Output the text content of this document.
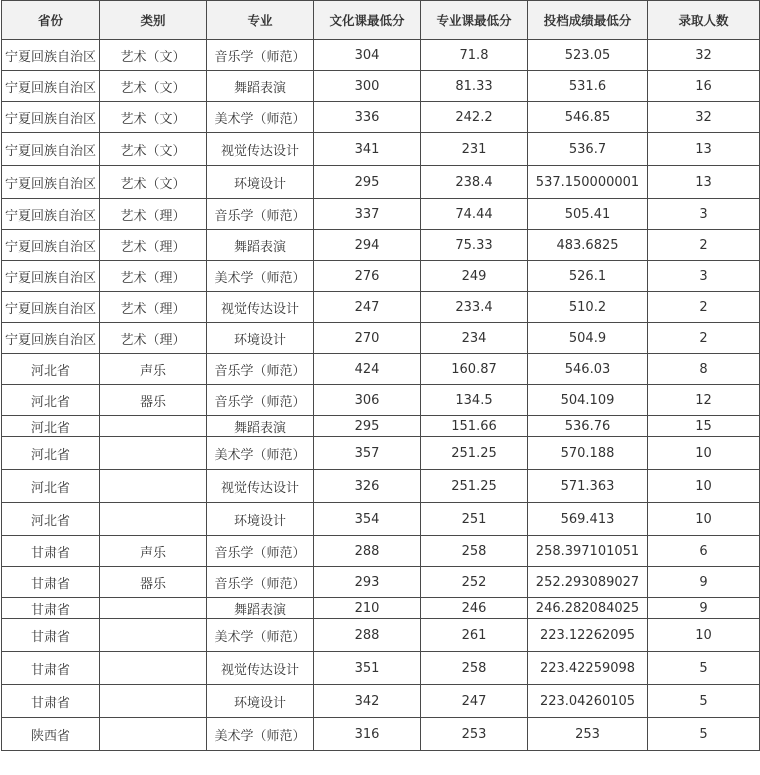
省份	类别	专业	文化课最低分	专业课最低分	投档成绩最低分	录取人数
宁夏回族自治区	艺术（文）	音乐学（师范）	304	71.8	523.05	32
宁夏回族自治区	艺术（文）	舞蹈表演	300	81.33	531.6	16
宁夏回族自治区	艺术（文）	美术学（师范）	336	242.2	546.85	32
宁夏回族自治区	艺术（文）	视觉传达设计	341	231	536.7	13
宁夏回族自治区	艺术（文）	环境设计	295	238.4	537.150000001	13
宁夏回族自治区	艺术（理）	音乐学（师范）	337	74.44	505.41	3
宁夏回族自治区	艺术（理）	舞蹈表演	294	75.33	483.6825	2
宁夏回族自治区	艺术（理）	美术学（师范）	276	249	526.1	3
宁夏回族自治区	艺术（理）	视觉传达设计	247	233.4	510.2	2
宁夏回族自治区	艺术（理）	环境设计	270	234	504.9	2
河北省	声乐	音乐学（师范）	424	160.87	546.03	8
河北省	器乐	音乐学（师范）	306	134.5	504.109	12
河北省		舞蹈表演	295	151.66	536.76	15
河北省		美术学（师范）	357	251.25	570.188	10
河北省		视觉传达设计	326	251.25	571.363	10
河北省		环境设计	354	251	569.413	10
甘肃省	声乐	音乐学（师范）	288	258	258.397101051	6
甘肃省	器乐	音乐学（师范）	293	252	252.293089027	9
甘肃省		舞蹈表演	210	246	246.282084025	9
甘肃省		美术学（师范）	288	261	223.12262095	10
甘肃省		视觉传达设计	351	258	223.42259098	5
甘肃省		环境设计	342	247	223.04260105	5
陕西省		美术学（师范）	316	253	253	5
